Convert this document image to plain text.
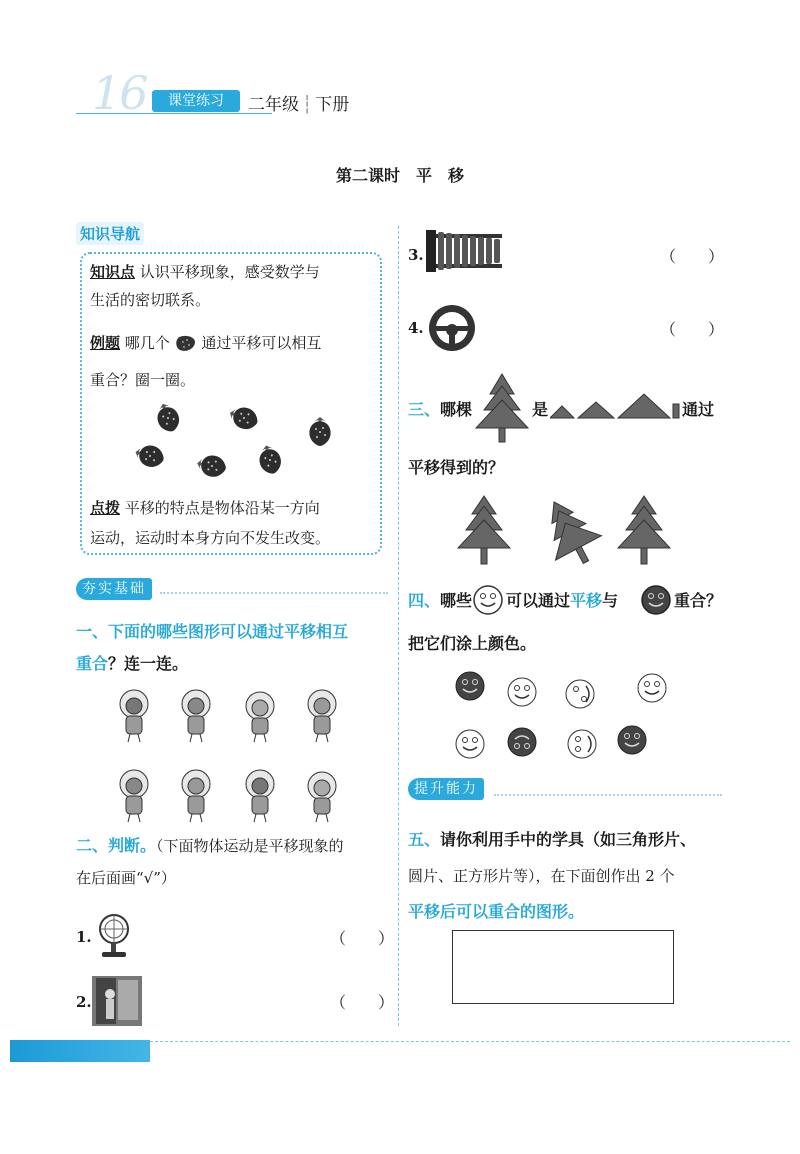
16	课堂练习	二年级 ┆ 下册
第二课时　平　移
知识导航
知识点 认识平移现象，感受数学与
生活的密切联系。
例题 哪几个 通过平移可以相互
重合？圈一圈。
点拨 平移的特点是物体沿某一方向
运动，运动时本身方向不发生改变。
夯实基础
一、下面的哪些图形可以通过平移相互
重合？连一连。
二、判断。（下面物体运动是平移现象的
在后面画“√”）
1.	（　　）
2.	（　　）
3.	（　　）
4.	（　　）
三、哪棵	是	通过
平移得到的？
四、哪些 可以通过平移与	重合？
把它们涂上颜色。
提升能力
五、请你利用手中的学具（如三角形片、
圆片、正方形片等），在下面创作出 2 个
平移后可以重合的图形。
